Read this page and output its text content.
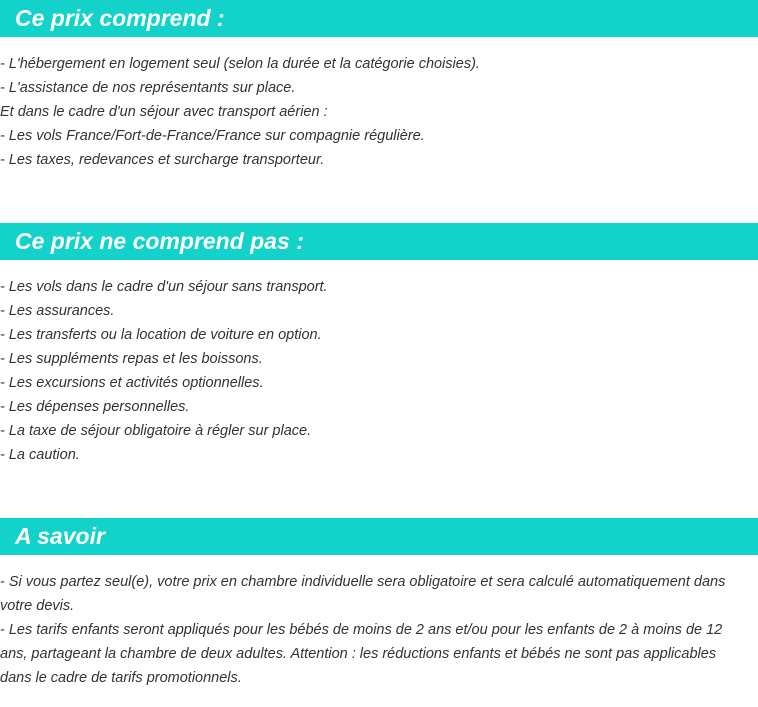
Ce prix comprend :
- L'hébergement en logement seul (selon la durée et la catégorie choisies).
- L'assistance de nos représentants sur place.
Et dans le cadre d'un séjour avec transport aérien :
- Les vols France/Fort-de-France/France sur compagnie régulière.
- Les taxes, redevances et surcharge transporteur.
Ce prix ne comprend pas :
- Les vols dans le cadre d'un séjour sans transport.
- Les assurances.
- Les transferts ou la location de voiture en option.
- Les suppléments repas et les boissons.
- Les excursions et activités optionnelles.
- Les dépenses personnelles.
- La taxe de séjour obligatoire à régler sur place.
- La caution.
A savoir
- Si vous partez seul(e), votre prix en chambre individuelle sera obligatoire et sera calculé automatiquement dans votre devis.
- Les tarifs enfants seront appliqués pour les bébés de moins de 2 ans et/ou pour les enfants de 2 à moins de 12 ans, partageant la chambre de deux adultes. Attention : les réductions enfants et bébés ne sont pas applicables dans le cadre de tarifs promotionnels.
